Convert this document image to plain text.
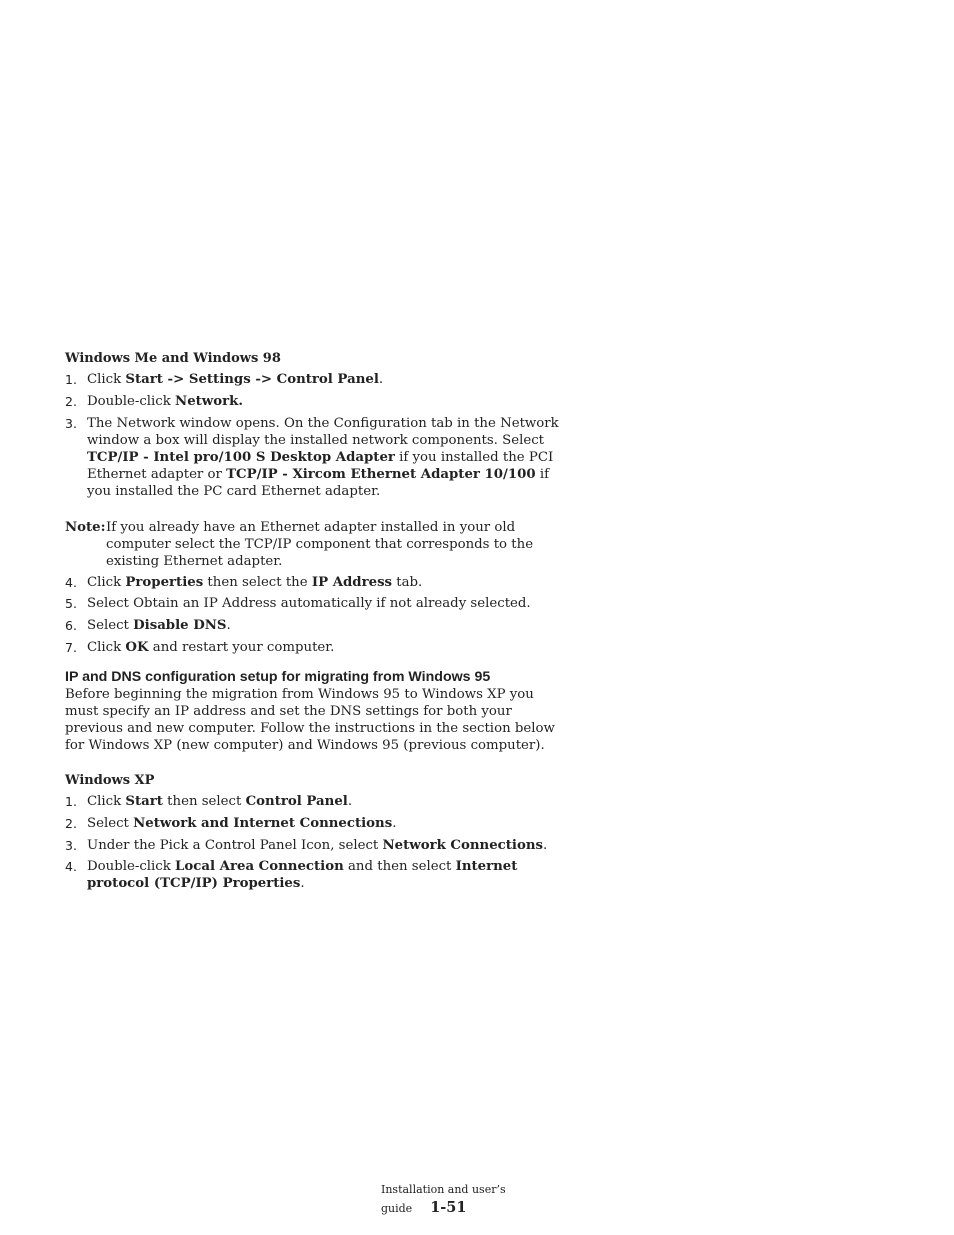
Windows Me and Windows 98
1. Click Start -> Settings -> Control Panel.
2. Double-click Network.
3. The Network window opens. On the Configuration tab in the Network window a box will display the installed network components. Select TCP/IP - Intel pro/100 S Desktop Adapter if you installed the PCI Ethernet adapter or TCP/IP - Xircom Ethernet Adapter 10/100 if you installed the PC card Ethernet adapter.
Note: If you already have an Ethernet adapter installed in your old computer select the TCP/IP component that corresponds to the existing Ethernet adapter.
4. Click Properties then select the IP Address tab.
5. Select Obtain an IP Address automatically if not already selected.
6. Select Disable DNS.
7. Click OK and restart your computer.
IP and DNS configuration setup for migrating from Windows 95
Before beginning the migration from Windows 95 to Windows XP you must specify an IP address and set the DNS settings for both your previous and new computer. Follow the instructions in the section below for Windows XP (new computer) and Windows 95 (previous computer).
Windows XP
1. Click Start then select Control Panel.
2. Select Network and Internet Connections.
3. Under the Pick a Control Panel Icon, select Network Connections.
4. Double-click Local Area Connection and then select Internet protocol (TCP/IP) Properties.
Installation and user’s guide 1-51
